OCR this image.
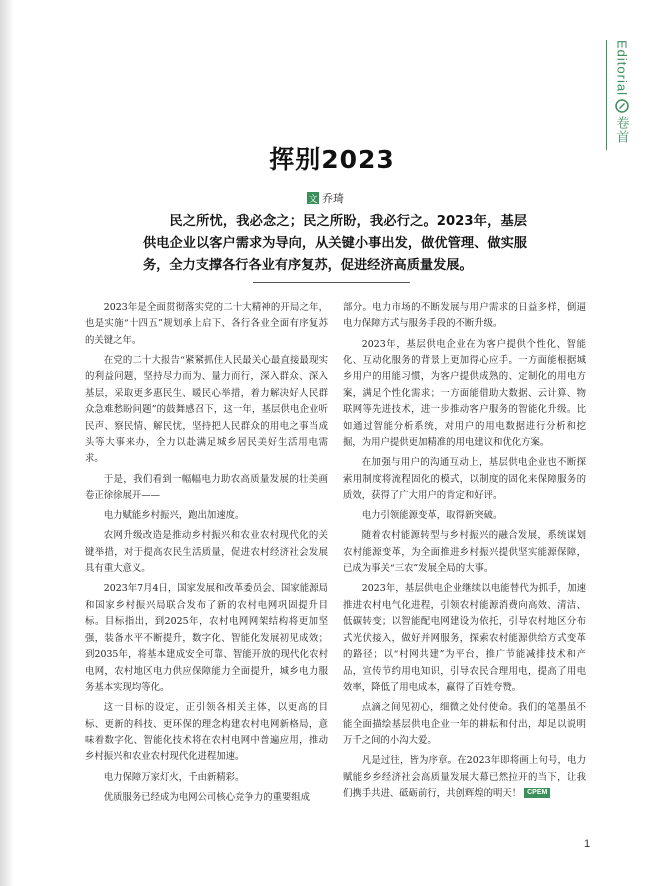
Editorial
卷首
挥别2023
文 乔琦
民之所忧，我必念之；民之所盼，我必行之。2023年，基层供电企业以客户需求为导向，从关键小事出发，做优管理、做实服务，全力支撑各行各业有序复苏，促进经济高质量发展。

2023年是全面贯彻落实党的二十大精神的开局之年，也是实施“十四五”规划承上启下、各行各业全面有序复苏的关键之年。

在党的二十大报告“紧紧抓住人民最关心最直接最现实的利益问题，坚持尽力而为、量力而行，深入群众、深入基层，采取更多惠民生、暖民心举措，着力解决好人民群众急难愁盼问题”的鼓舞感召下，这一年，基层供电企业听民声、察民情、解民忧，坚持把人民群众的用电之事当成头等大事来办，全力以赴满足城乡居民美好生活用电需求。

于是，我们看到一幅幅电力助农高质量发展的壮美画卷正徐徐展开——

电力赋能乡村振兴，跑出加速度。

农网升级改造是推动乡村振兴和农业农村现代化的关键举措，对于提高农民生活质量，促进农村经济社会发展具有重大意义。

2023年7月4日，国家发展和改革委员会、国家能源局和国家乡村振兴局联合发布了新的农村电网巩固提升目标。目标指出，到2025年，农村电网网架结构将更加坚强，装备水平不断提升，数字化、智能化发展初见成效；到2035年，将基本建成安全可靠、智能开放的现代化农村电网，农村地区电力供应保障能力全面提升，城乡电力服务基本实现均等化。

这一目标的设定，正引领各相关主体，以更高的目标、更新的科技、更环保的理念构建农村电网新格局，意味着数字化、智能化技术将在农村电网中普遍应用，推动乡村振兴和农业农村现代化进程加速。

电力保障万家灯火，千由新精彩。

优质服务已经成为电网公司核心竞争力的重要组成

部分。电力市场的不断发展与用户需求的日益多样，倒逼电力保障方式与服务手段的不断升级。

2023年，基层供电企业在为客户提供个性化、智能化、互动化服务的背景上更加得心应手。一方面能根据城乡用户的用能习惯，为客户提供成熟的、定制化的用电方案，满足个性化需求；一方面能借助大数据、云计算、物联网等先进技术，进一步推动客户服务的智能化升级。比如通过智能分析系统，对用户的用电数据进行分析和挖掘，为用户提供更加精准的用电建议和优化方案。

在加强与用户的沟通互动上，基层供电企业也不断探索用制度将流程固化的模式，以制度的固化来保障服务的质效，获得了广大用户的肯定和好评。

电力引领能源变革，取得新突破。

随着农村能源转型与乡村振兴的融合发展，系统谋划农村能源变革，为全面推进乡村振兴提供坚实能源保障，已成为事关“三农”发展全局的大事。

2023年，基层供电企业继续以电能替代为抓手，加速推进农村电气化进程，引领农村能源消费向高效、清洁、低碳转变；以智能配电网建设为依托，引导农村地区分布式光伏接入，做好并网服务，探索农村能源供给方式变革的路径；以“村网共建”为平台，推广节能减排技术和产品，宣传节约用电知识，引导农民合理用电，提高了用电效率，降低了用电成本，赢得了百姓夸赞。

点滴之间见初心，细微之处付使命。我们的笔墨虽不能全面描绘基层供电企业一年的耕耘和付出，却足以说明万千之间的小沟大爱。

凡是过往，皆为序章。在2023年即将画上句号，电力赋能乡乡经济社会高质量发展大幕已然拉开的当下，让我们携手共进、砥砺前行，共创辉煌的明天！ CPEM

1
